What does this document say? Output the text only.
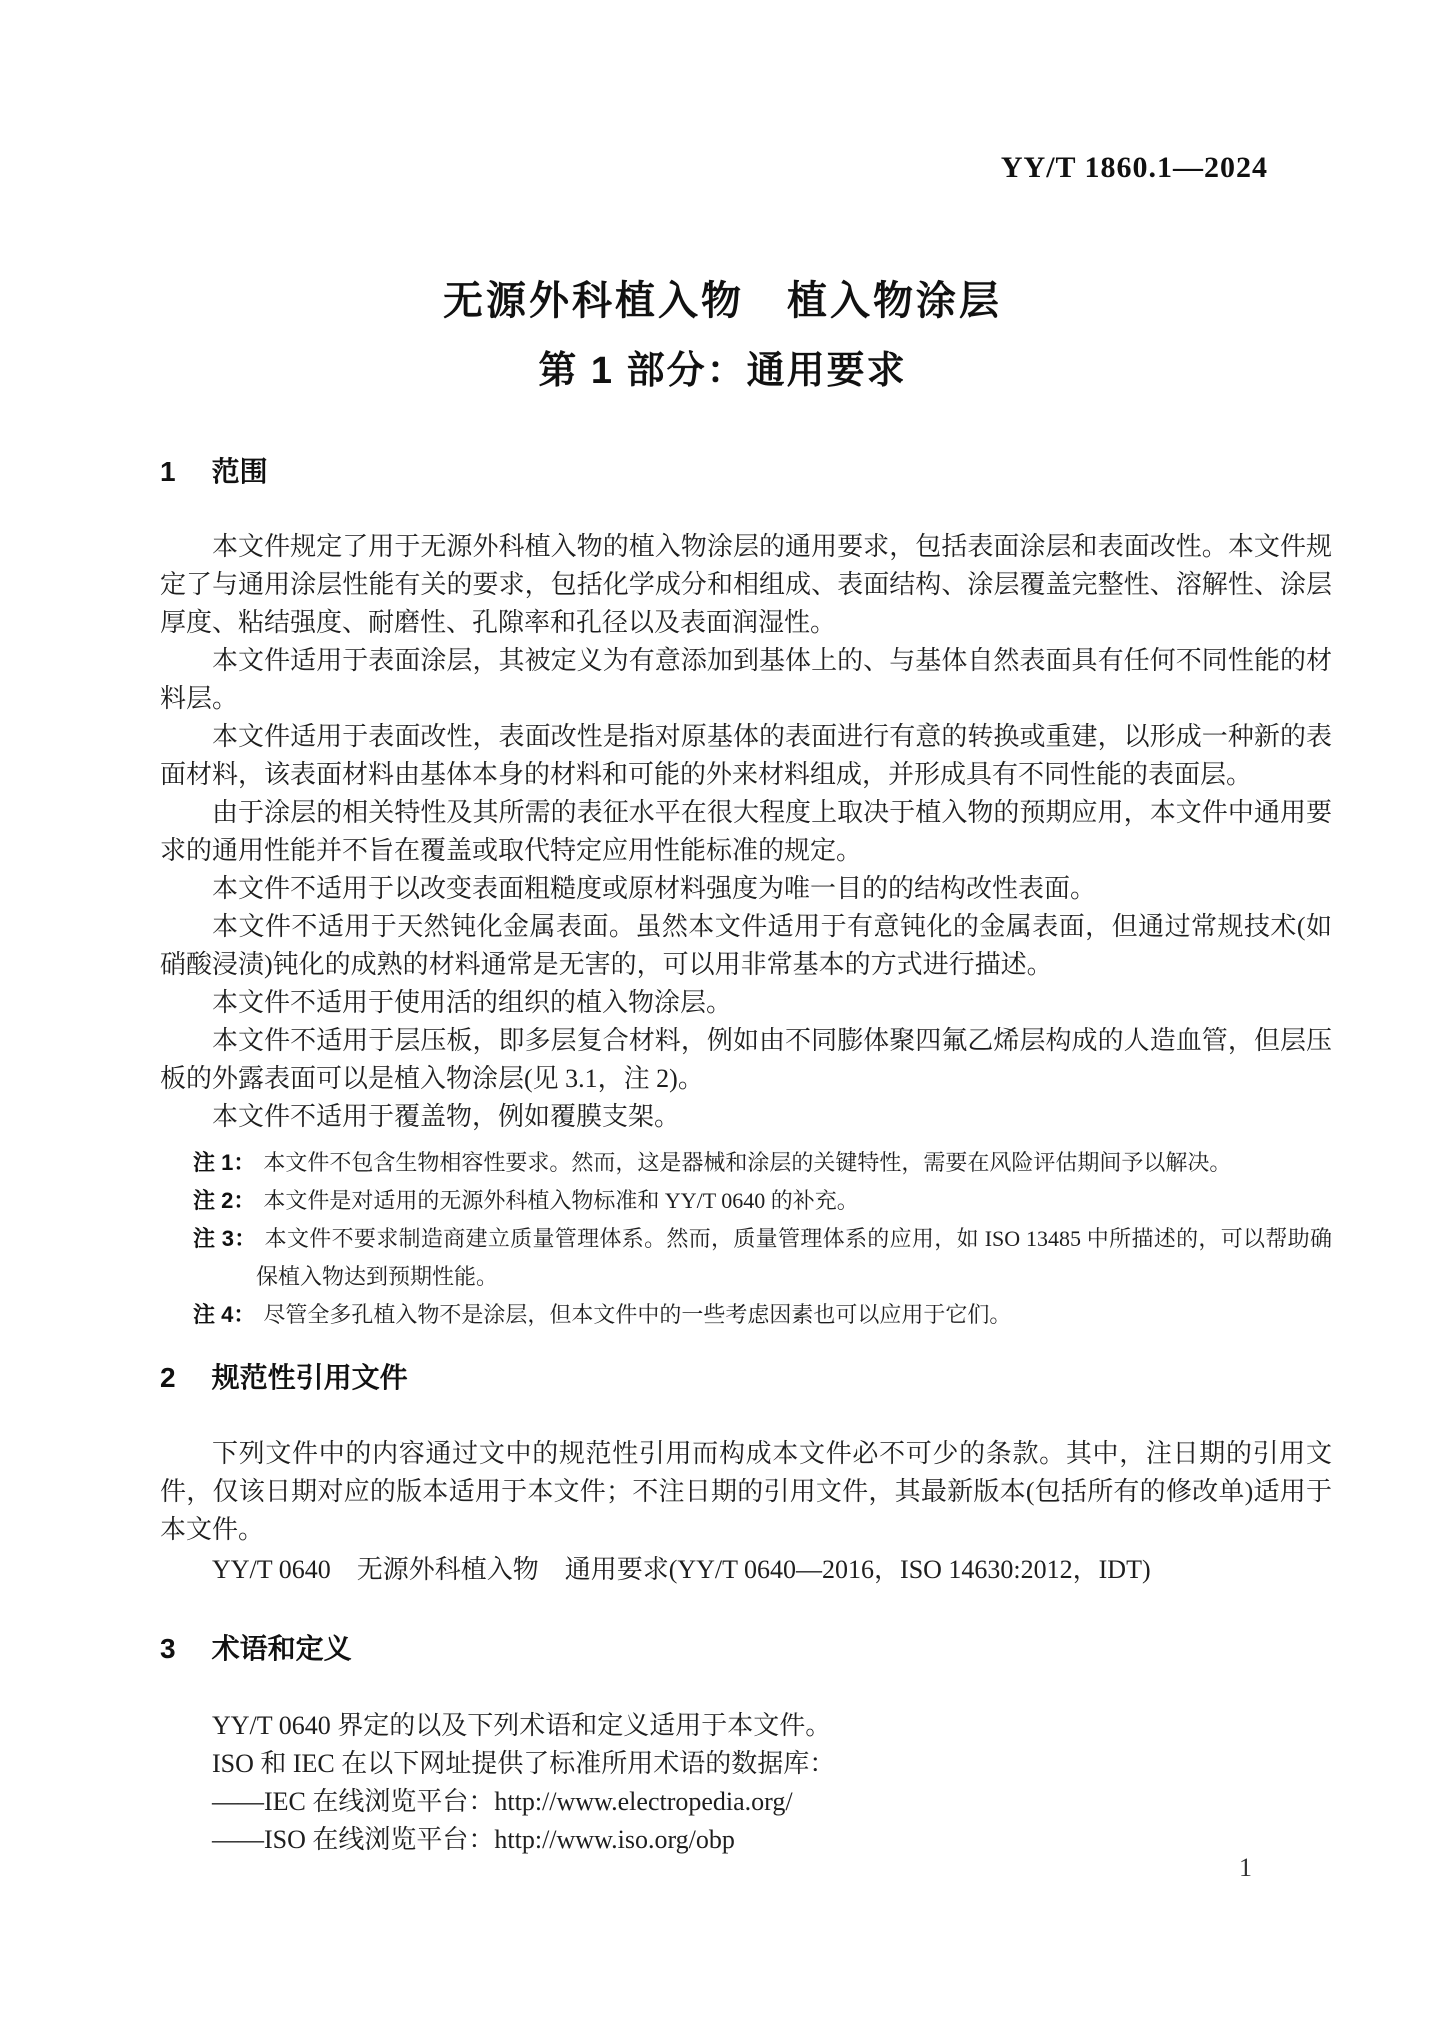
YY/T 1860.1—2024
无源外科植入物　植入物涂层
第 1 部分：通用要求
1 范围

本文件规定了用于无源外科植入物的植入物涂层的通用要求，包括表面涂层和表面改性。本文件规定了与通用涂层性能有关的要求，包括化学成分和相组成、表面结构、涂层覆盖完整性、溶解性、涂层厚度、粘结强度、耐磨性、孔隙率和孔径以及表面润湿性。

本文件适用于表面涂层，其被定义为有意添加到基体上的、与基体自然表面具有任何不同性能的材料层。

本文件适用于表面改性，表面改性是指对原基体的表面进行有意的转换或重建，以形成一种新的表面材料，该表面材料由基体本身的材料和可能的外来材料组成，并形成具有不同性能的表面层。

由于涂层的相关特性及其所需的表征水平在很大程度上取决于植入物的预期应用，本文件中通用要求的通用性能并不旨在覆盖或取代特定应用性能标准的规定。

本文件不适用于以改变表面粗糙度或原材料强度为唯一目的的结构改性表面。

本文件不适用于天然钝化金属表面。虽然本文件适用于有意钝化的金属表面，但通过常规技术(如硝酸浸渍)钝化的成熟的材料通常是无害的，可以用非常基本的方式进行描述。

本文件不适用于使用活的组织的植入物涂层。

本文件不适用于层压板，即多层复合材料，例如由不同膨体聚四氟乙烯层构成的人造血管，但层压板的外露表面可以是植入物涂层(见 3.1，注 2)。

本文件不适用于覆盖物，例如覆膜支架。

注 1： 本文件不包含生物相容性要求。然而，这是器械和涂层的关键特性，需要在风险评估期间予以解决。
注 2： 本文件是对适用的无源外科植入物标准和 YY/T 0640 的补充。
注 3： 本文件不要求制造商建立质量管理体系。然而，质量管理体系的应用，如 ISO 13485 中所描述的，可以帮助确保植入物达到预期性能。
注 4： 尽管全多孔植入物不是涂层，但本文件中的一些考虑因素也可以应用于它们。
2 规范性引用文件

下列文件中的内容通过文中的规范性引用而构成本文件必不可少的条款。其中，注日期的引用文件，仅该日期对应的版本适用于本文件；不注日期的引用文件，其最新版本(包括所有的修改单)适用于本文件。

YY/T 0640　无源外科植入物　通用要求(YY/T 0640—2016，ISO 14630:2012，IDT)
3 术语和定义

YY/T 0640 界定的以及下列术语和定义适用于本文件。

ISO 和 IEC 在以下网址提供了标准所用术语的数据库：

——IEC 在线浏览平台：http://www.electropedia.org/

——ISO 在线浏览平台：http://www.iso.org/obp

1
